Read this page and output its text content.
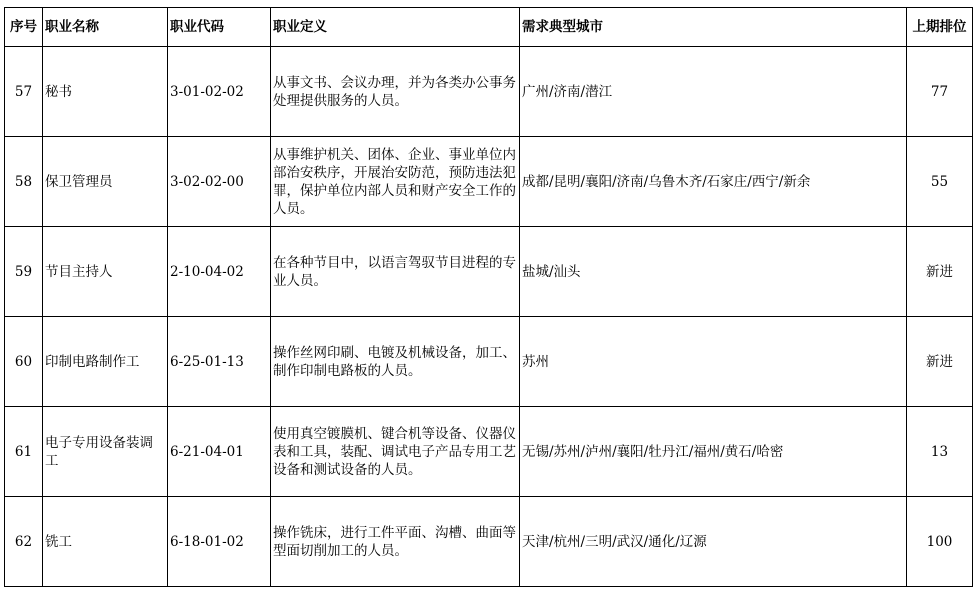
序号	职业名称	职业代码	职业定义	需求典型城市	上期排位
57	秘书	3-01-02-02	从事文书、会议办理，并为各类办公事务处理提供服务的人员。	广州/济南/潜江	77
58	保卫管理员	3-02-02-00	从事维护机关、团体、企业、事业单位内部治安秩序，开展治安防范，预防违法犯罪，保护单位内部人员和财产安全工作的人员。	成都/昆明/襄阳/济南/乌鲁木齐/石家庄/西宁/新余	55
59	节目主持人	2-10-04-02	在各种节目中，以语言驾驭节目进程的专业人员。	盐城/汕头	新进
60	印制电路制作工	6-25-01-13	操作丝网印刷、电镀及机械设备，加工、制作印制电路板的人员。	苏州	新进
61	电子专用设备装调工	6-21-04-01	使用真空镀膜机、键合机等设备、仪器仪表和工具，装配、调试电子产品专用工艺设备和测试设备的人员。	无锡/苏州/泸州/襄阳/牡丹江/福州/黄石/哈密	13
62	铣工	6-18-01-02	操作铣床，进行工件平面、沟槽、曲面等型面切削加工的人员。	天津/杭州/三明/武汉/通化/辽源	100
